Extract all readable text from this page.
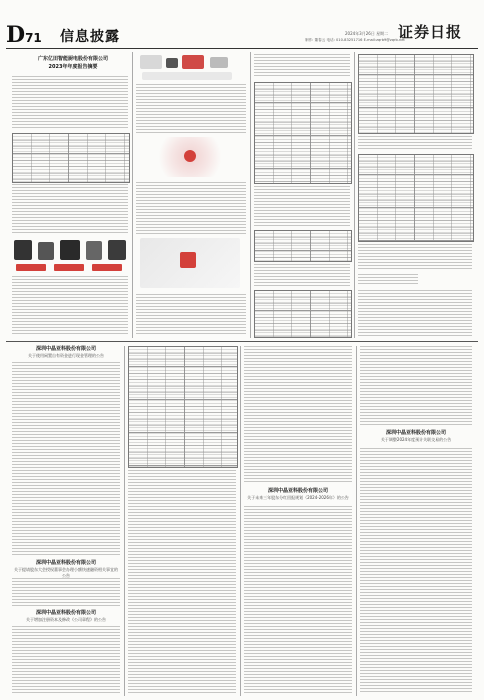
D71 信息披露	2024年3月26日 星期二
制作: 董春云 电话: 010-83251716 E-mail:zqrb9@zqrb.net
证券日报
广东亿田智能厨电股份有限公司
2023年年度报告摘要
深圳中晶亚科股份有限公司
关于使用闲置自有资金进行现金管理的公告
深圳中晶亚科股份有限公司
关于提请股东大会授权董事会办理小额快速融资相关事宜的公告
深圳中晶亚科股份有限公司
关于增加注册资本及修改《公司章程》的公告
深圳中晶亚科股份有限公司
关于未来三年股东分红回报规划（2024-2026年）的公告
深圳中晶亚科股份有限公司
关于调整2024年度预计关联交易的公告
